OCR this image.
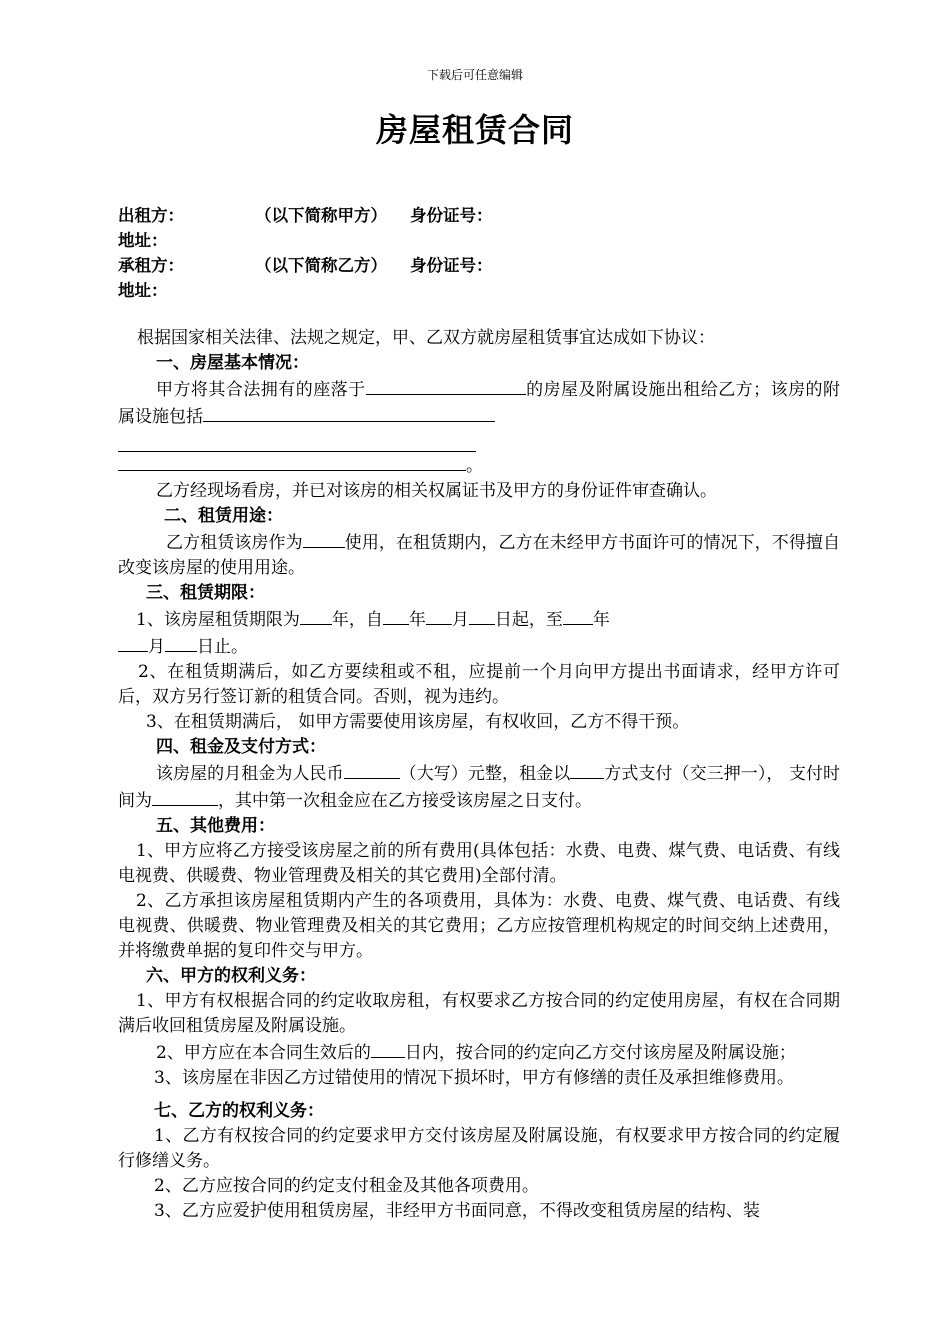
下载后可任意编辑
房屋租赁合同
出租方：	（以下简称甲方） 身份证号：
地址：
承租方：	（以下简称乙方） 身份证号：
地址：

根据国家相关法律、法规之规定，甲、乙双方就房屋租赁事宜达成如下协议：

一、房屋基本情况：

甲方将其合法拥有的座落于	的房屋及附属设施出租给乙方；该房的附属设施包括

。

乙方经现场看房，并已对该房的相关权属证书及甲方的身份证件审查确认。

二、租赁用途：

乙方租赁该房作为 使用，在租赁期内，乙方在未经甲方书面许可的情况下，不得擅自改变该房屋的使用用途。

三、租赁期限：

1、该房屋租赁期限为 年，自 年 月 日起，至 年

月 日止。

2、在租赁期满后，如乙方要续租或不租，应提前一个月向甲方提出书面请求，经甲方许可后，双方另行签订新的租赁合同。否则，视为违约。

3、在租赁期满后， 如甲方需要使用该房屋，有权收回，乙方不得干预。

四、租金及支付方式：

该房屋的月租金为人民币	（大写）元整，租金以 方式支付（交三押一）， 支付时间为	，其中第一次租金应在乙方接受该房屋之日支付。

五、其他费用：

1、甲方应将乙方接受该房屋之前的所有费用(具体包括：水费、电费、煤气费、电话费、有线电视费、供暖费、物业管理费及相关的其它费用)全部付清。

2、乙方承担该房屋租赁期内产生的各项费用，具体为：水费、电费、煤气费、电话费、有线电视费、供暖费、物业管理费及相关的其它费用；乙方应按管理机构规定的时间交纳上述费用，并将缴费单据的复印件交与甲方。

六、甲方的权利义务：

1、甲方有权根据合同的约定收取房租，有权要求乙方按合同的约定使用房屋，有权在合同期满后收回租赁房屋及附属设施。

2、甲方应在本合同生效后的 日内，按合同的约定向乙方交付该房屋及附属设施；

3、该房屋在非因乙方过错使用的情况下损坏时，甲方有修缮的责任及承担维修费用。

七、乙方的权利义务：

1、乙方有权按合同的约定要求甲方交付该房屋及附属设施，有权要求甲方按合同的约定履行修缮义务。

2、乙方应按合同的约定支付租金及其他各项费用。

3、乙方应爱护使用租赁房屋，非经甲方书面同意，不得改变租赁房屋的结构、装
